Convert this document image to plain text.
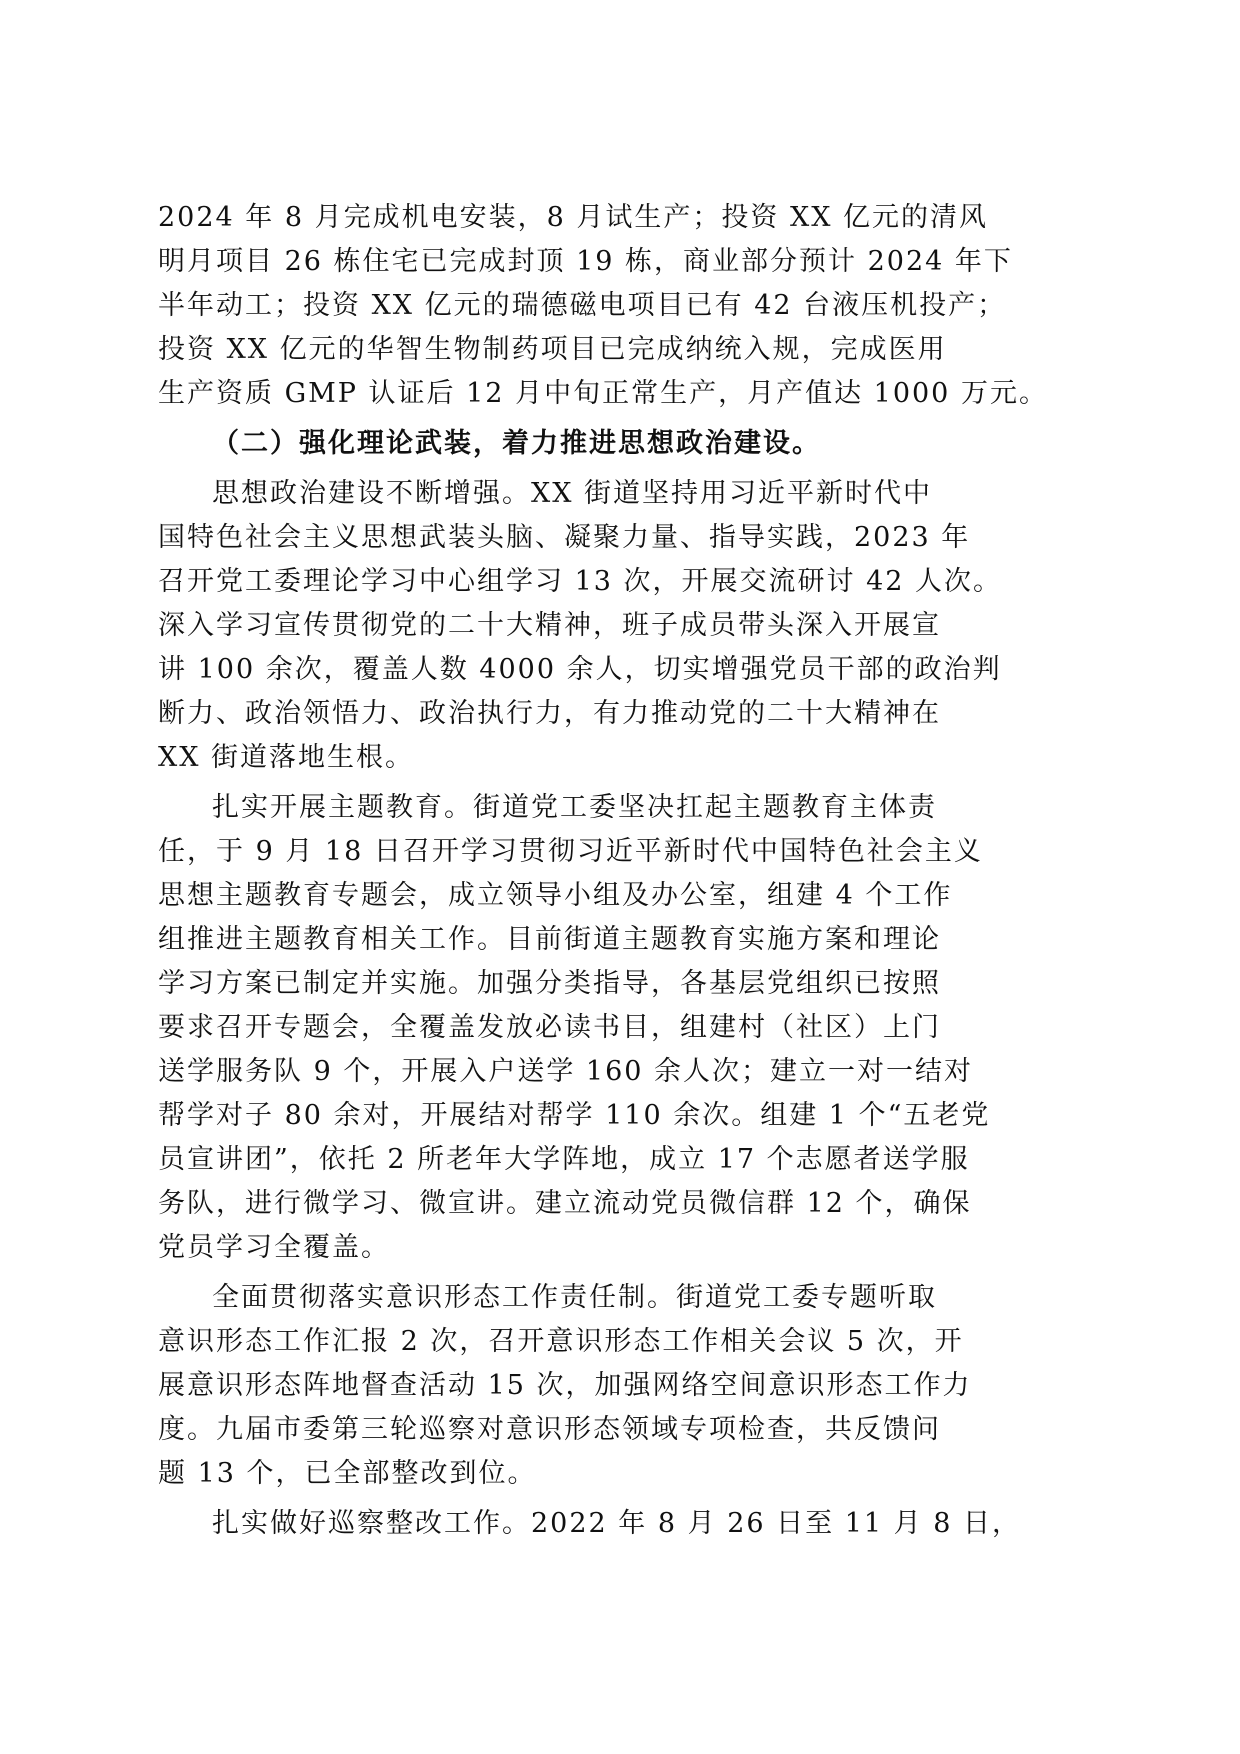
2024 年 8 月完成机电安装，8 月试生产；投资 XX 亿元的清风
明月项目 26 栋住宅已完成封顶 19 栋，商业部分预计 2024 年下
半年动工；投资 XX 亿元的瑞德磁电项目已有 42 台液压机投产；
投资 XX 亿元的华智生物制药项目已完成纳统入规，完成医用
生产资质 GMP 认证后 12 月中旬正常生产，月产值达 1000 万元。
（二）强化理论武装，着力推进思想政治建设。
思想政治建设不断增强。XX 街道坚持用习近平新时代中
国特色社会主义思想武装头脑、凝聚力量、指导实践，2023 年
召开党工委理论学习中心组学习 13 次，开展交流研讨 42 人次。
深入学习宣传贯彻党的二十大精神，班子成员带头深入开展宣
讲 100 余次，覆盖人数 4000 余人，切实增强党员干部的政治判
断力、政治领悟力、政治执行力，有力推动党的二十大精神在
XX 街道落地生根。
扎实开展主题教育。街道党工委坚决扛起主题教育主体责
任，于 9 月 18 日召开学习贯彻习近平新时代中国特色社会主义
思想主题教育专题会，成立领导小组及办公室，组建 4 个工作
组推进主题教育相关工作。目前街道主题教育实施方案和理论
学习方案已制定并实施。加强分类指导，各基层党组织已按照
要求召开专题会，全覆盖发放必读书目，组建村（社区）上门
送学服务队 9 个，开展入户送学 160 余人次；建立一对一结对
帮学对子 80 余对，开展结对帮学 110 余次。组建 1 个“五老党
员宣讲团”，依托 2 所老年大学阵地，成立 17 个志愿者送学服
务队，进行微学习、微宣讲。建立流动党员微信群 12 个，确保
党员学习全覆盖。
全面贯彻落实意识形态工作责任制。街道党工委专题听取
意识形态工作汇报 2 次，召开意识形态工作相关会议 5 次，开
展意识形态阵地督查活动 15 次，加强网络空间意识形态工作力
度。九届市委第三轮巡察对意识形态领域专项检查，共反馈问
题 13 个，已全部整改到位。
扎实做好巡察整改工作。2022 年 8 月 26 日至 11 月 8 日，
